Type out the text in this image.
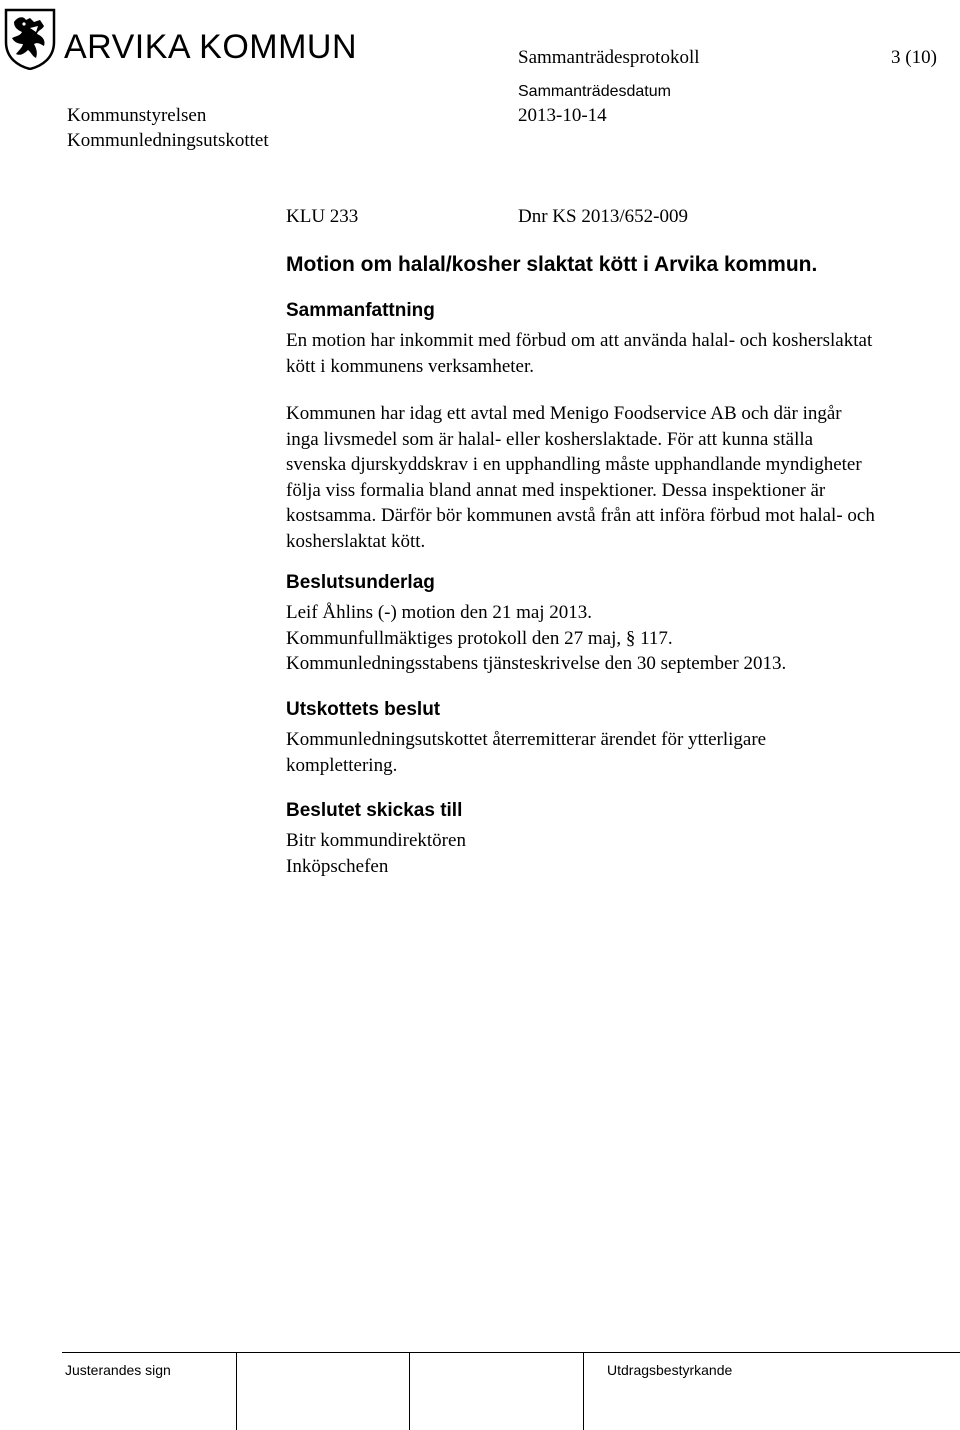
ARVIKA KOMMUN	Sammanträdesprotokoll	3 (10)
Sammanträdesdatum
Kommunstyrelsen	2013-10-14
Kommunledningsutskottet
KLU 233	Dnr KS 2013/652-009
Motion om halal/kosher slaktat kött i Arvika kommun.
Sammanfattning
En motion har inkommit med förbud om att använda halal- och kosherslaktat
kött i kommunens verksamheter.
Kommunen har idag ett avtal med Menigo Foodservice AB och där ingår
inga livsmedel som är halal- eller kosherslaktade. För att kunna ställa
svenska djurskyddskrav i en upphandling måste upphandlande myndigheter
följa viss formalia bland annat med inspektioner. Dessa inspektioner är
kostsamma. Därför bör kommunen avstå från att införa förbud mot halal- och
kosherslaktat kött.
Beslutsunderlag
Leif Åhlins (-) motion den 21 maj 2013.
Kommunfullmäktiges protokoll den 27 maj, § 117.
Kommunledningsstabens tjänsteskrivelse den 30 september 2013.
Utskottets beslut
Kommunledningsutskottet återremitterar ärendet för ytterligare
komplettering.
Beslutet skickas till
Bitr kommundirektören
Inköpschefen
Justerandes sign	Utdragsbestyrkande
